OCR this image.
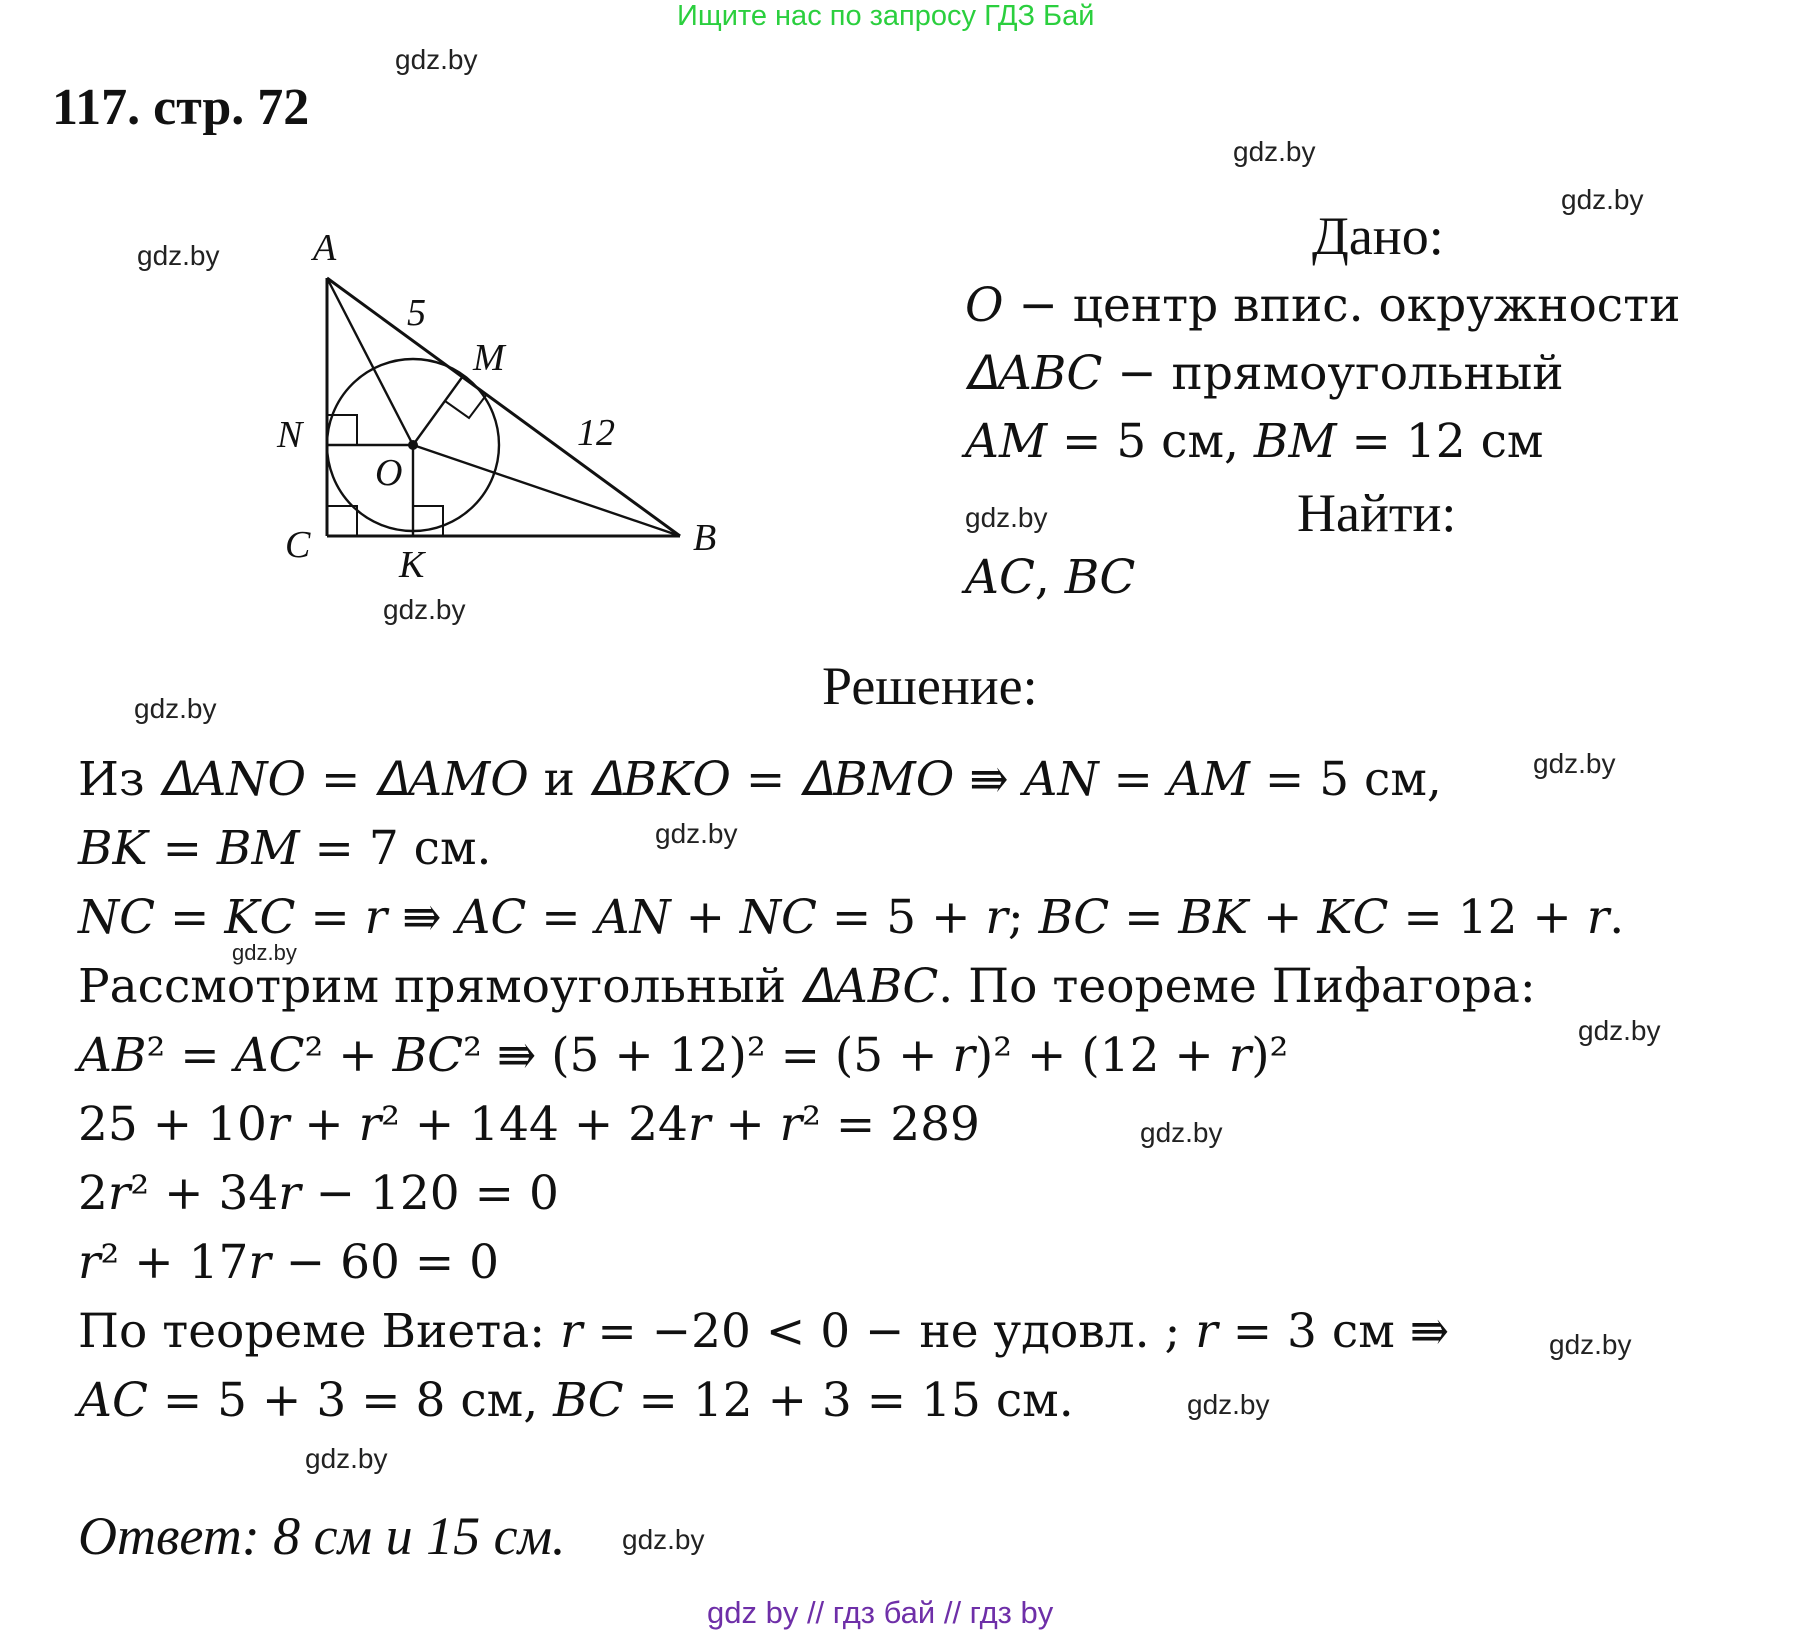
Ищите нас по запросу ГДЗ Бай
117. стр. 72
gdz.by
gdz.by
gdz.by
gdz.by
gdz.by
gdz.by
gdz.by
gdz.by
gdz.by
gdz.by
gdz.by
gdz.by
gdz.by
gdz.by
gdz.by
gdz.by
A
B
C K
M
N
O
5
12
Дано:
𝑂 − центр впис. окружности
𝛥𝐴𝐵𝐶 − прямоугольный
𝐴𝑀 = 5 см, 𝐵𝑀 = 12 см
Найти:
𝐴𝐶, 𝐵𝐶
Решение:
Из 𝛥𝐴𝑁𝑂 = 𝛥𝐴𝑀𝑂 и 𝛥𝐵𝐾𝑂 = 𝛥𝐵𝑀𝑂 ⇛ 𝐴𝑁 = 𝐴𝑀 = 5 см,
𝐵𝐾 = 𝐵𝑀 = 7 см.
𝑁𝐶 = 𝐾𝐶 = 𝑟 ⇛ 𝐴𝐶 = 𝐴𝑁 + 𝑁𝐶 = 5 + 𝑟; 𝐵𝐶 = 𝐵𝐾 + 𝐾𝐶 = 12 + 𝑟.
Рассмотрим прямоугольный 𝛥𝐴𝐵𝐶. По теореме Пифагора:
𝐴𝐵² = 𝐴𝐶² + 𝐵𝐶² ⇛ (5 + 12)² = (5 + 𝑟)² + (12 + 𝑟)²
25 + 10𝑟 + 𝑟² + 144 + 24𝑟 + 𝑟² = 289
2𝑟² + 34𝑟 − 120 = 0
𝑟² + 17𝑟 − 60 = 0
По теореме Виета: 𝑟 = −20 < 0 − не удовл. ; 𝑟 = 3 см ⇛
𝐴𝐶 = 5 + 3 = 8 см, 𝐵𝐶 = 12 + 3 = 15 см.
Ответ: 8 см и 15 см.
gdz by // гдз бай // гдз by
